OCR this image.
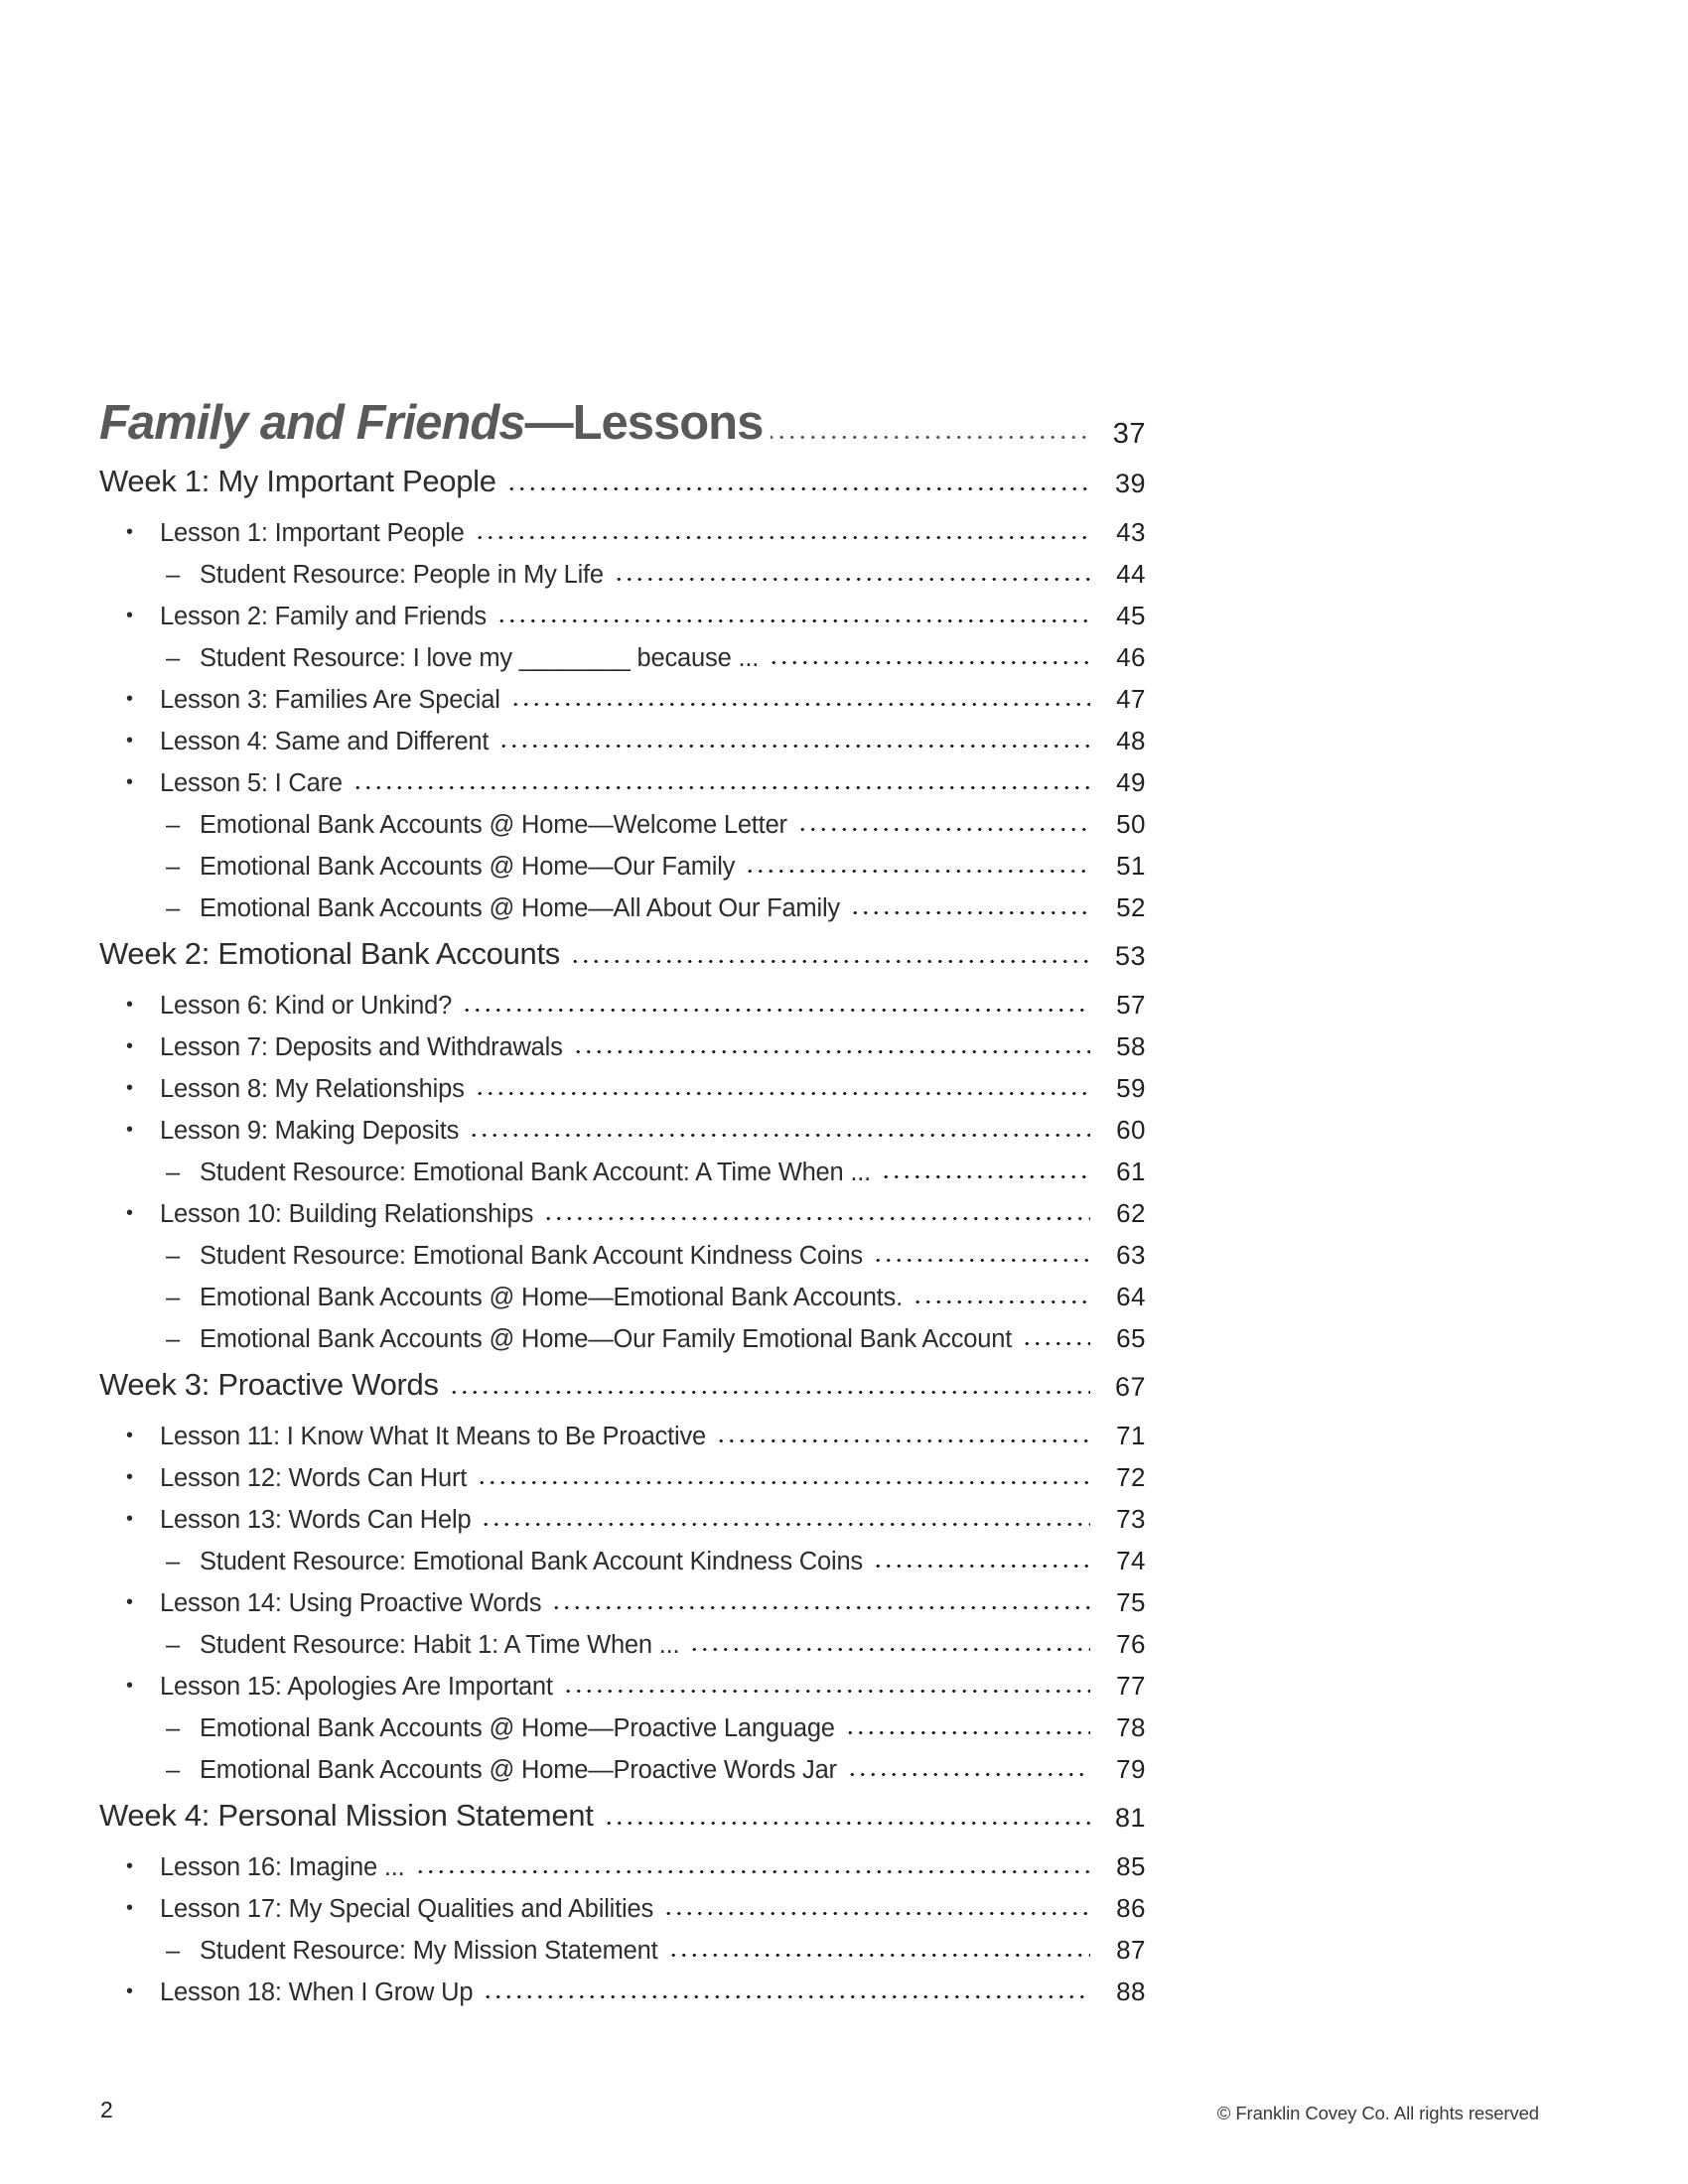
Family and Friends —Lessons	37
Week 1: My Important People	39
•	Lesson 1: Important People	43
– Student Resource: People in My Life	44
•	Lesson 2: Family and Friends	45
– Student Resource: I love my ________ because ...	46
•	Lesson 3: Families Are Special	47
•	Lesson 4: Same and Different	48
•	Lesson 5: I Care	49
– Emotional Bank Accounts @ Home—Welcome Letter	50
– Emotional Bank Accounts @ Home—Our Family	51
– Emotional Bank Accounts @ Home—All About Our Family	52
Week 2: Emotional Bank Accounts	53
•	Lesson 6: Kind or Unkind?	57
•	Lesson 7: Deposits and Withdrawals	58
•	Lesson 8: My Relationships	59
•	Lesson 9: Making Deposits	60
– Student Resource: Emotional Bank Account: A Time When ...	61
•	Lesson 10: Building Relationships	62
– Student Resource: Emotional Bank Account Kindness Coins	63
– Emotional Bank Accounts @ Home—Emotional Bank Accounts.	64
– Emotional Bank Accounts @ Home—Our Family Emotional Bank Account	65
Week 3: Proactive Words	67
•	Lesson 11: I Know What It Means to Be Proactive	71
•	Lesson 12: Words Can Hurt	72
•	Lesson 13: Words Can Help	73
– Student Resource: Emotional Bank Account Kindness Coins	74
•	Lesson 14: Using Proactive Words	75
– Student Resource: Habit 1: A Time When ...	76
•	Lesson 15: Apologies Are Important	77
– Emotional Bank Accounts @ Home—Proactive Language	78
– Emotional Bank Accounts @ Home—Proactive Words Jar	79
Week 4: Personal Mission Statement	81
•	Lesson 16: Imagine ...	85
•	Lesson 17: My Special Qualities and Abilities	86
– Student Resource: My Mission Statement	87
•	Lesson 18: When I Grow Up	88
2	© Franklin Covey Co. All rights reserved
